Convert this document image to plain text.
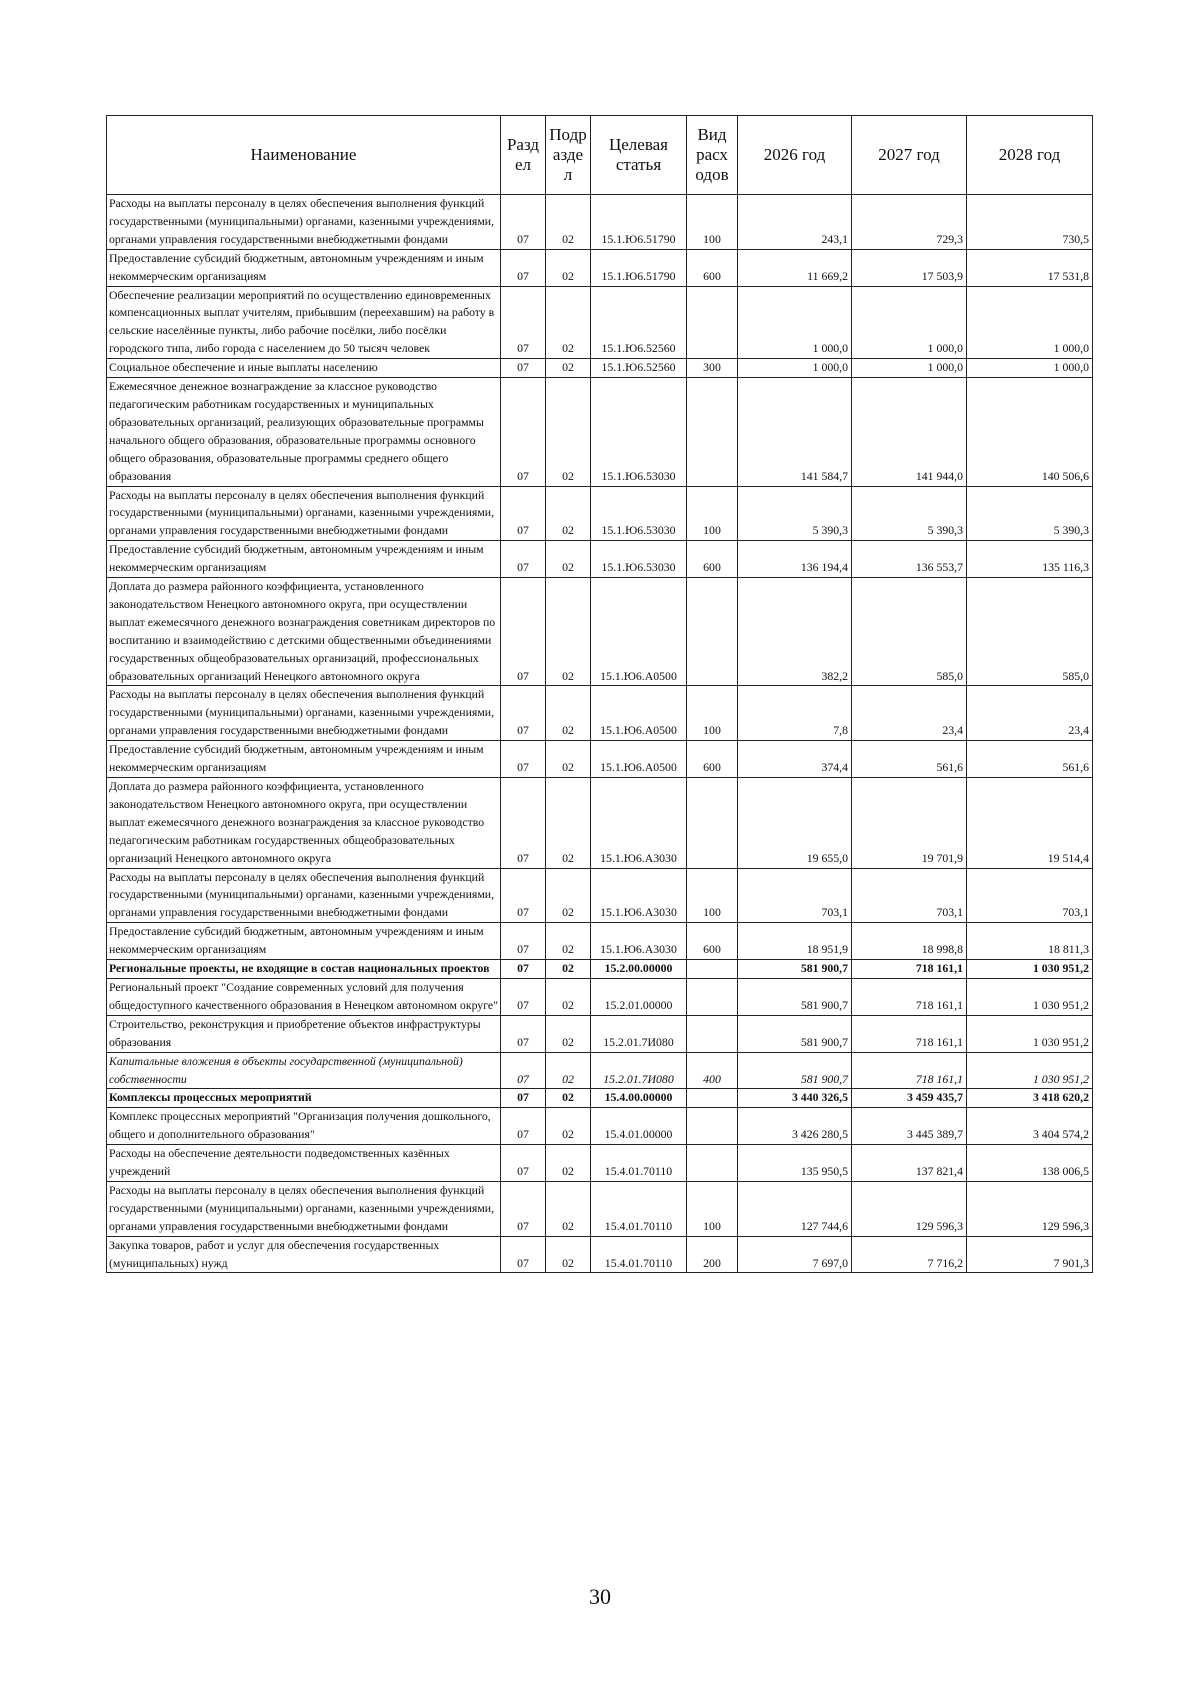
Наименование	Разд ел	Подр азде л	Целевая статья	Вид расх одов	2026 год	2027 год	2028 год
Расходы на выплаты персоналу в целях обеспечения выполнения функций государственными (муниципальными) органами, казенными учреждениями, органами управления государственными внебюджетными фондами	07	02	15.1.Ю6.51790	100	243,1	729,3	730,5
Предоставление субсидий бюджетным, автономным учреждениям и иным некоммерческим организациям	07	02	15.1.Ю6.51790	600	11 669,2	17 503,9	17 531,8
Обеспечение реализации мероприятий по осуществлению единовременных компенсационных выплат учителям, прибывшим (переехавшим) на работу в сельские населённые пункты, либо рабочие посёлки, либо посёлки городского типа, либо города с населением до 50 тысяч человек	07	02	15.1.Ю6.52560		1 000,0	1 000,0	1 000,0
Социальное обеспечение и иные выплаты населению	07	02	15.1.Ю6.52560	300	1 000,0	1 000,0	1 000,0
Ежемесячное денежное вознаграждение за классное руководство педагогическим работникам государственных и муниципальных образовательных организаций, реализующих образовательные программы начального общего образования, образовательные программы основного общего образования, образовательные программы среднего общего образования	07	02	15.1.Ю6.53030		141 584,7	141 944,0	140 506,6
Расходы на выплаты персоналу в целях обеспечения выполнения функций государственными (муниципальными) органами, казенными учреждениями, органами управления государственными внебюджетными фондами	07	02	15.1.Ю6.53030	100	5 390,3	5 390,3	5 390,3
Предоставление субсидий бюджетным, автономным учреждениям и иным некоммерческим организациям	07	02	15.1.Ю6.53030	600	136 194,4	136 553,7	135 116,3
Доплата до размера районного коэффициента, установленного законодательством Ненецкого автономного округа, при осуществлении выплат ежемесячного денежного вознаграждения советникам директоров по воспитанию и взаимодействию с детскими общественными объединениями государственных общеобразовательных организаций, профессиональных образовательных организаций Ненецкого автономного округа	07	02	15.1.Ю6.А0500		382,2	585,0	585,0
Расходы на выплаты персоналу в целях обеспечения выполнения функций государственными (муниципальными) органами, казенными учреждениями, органами управления государственными внебюджетными фондами	07	02	15.1.Ю6.А0500	100	7,8	23,4	23,4
Предоставление субсидий бюджетным, автономным учреждениям и иным некоммерческим организациям	07	02	15.1.Ю6.А0500	600	374,4	561,6	561,6
Доплата до размера районного коэффициента, установленного законодательством Ненецкого автономного округа, при осуществлении выплат ежемесячного денежного вознаграждения за классное руководство педагогическим работникам государственных общеобразовательных организаций Ненецкого автономного округа	07	02	15.1.Ю6.А3030		19 655,0	19 701,9	19 514,4
Расходы на выплаты персоналу в целях обеспечения выполнения функций государственными (муниципальными) органами, казенными учреждениями, органами управления государственными внебюджетными фондами	07	02	15.1.Ю6.А3030	100	703,1	703,1	703,1
Предоставление субсидий бюджетным, автономным учреждениям и иным некоммерческим организациям	07	02	15.1.Ю6.А3030	600	18 951,9	18 998,8	18 811,3
Региональные проекты, не входящие в состав национальных проектов	07	02	15.2.00.00000		581 900,7	718 161,1	1 030 951,2
Региональный проект "Создание современных условий для получения общедоступного качественного образования в Ненецком автономном округе"	07	02	15.2.01.00000		581 900,7	718 161,1	1 030 951,2
Строительство, реконструкция и приобретение объектов инфраструктуры образования	07	02	15.2.01.7И080		581 900,7	718 161,1	1 030 951,2
Капитальные вложения в объекты государственной (муниципальной) собственности	07	02	15.2.01.7И080	400	581 900,7	718 161,1	1 030 951,2
Комплексы процессных мероприятий	07	02	15.4.00.00000		3 440 326,5	3 459 435,7	3 418 620,2
Комплекс процессных мероприятий "Организация получения дошкольного, общего и дополнительного образования"	07	02	15.4.01.00000		3 426 280,5	3 445 389,7	3 404 574,2
Расходы на обеспечение деятельности подведомственных казённых учреждений	07	02	15.4.01.70110		135 950,5	137 821,4	138 006,5
Расходы на выплаты персоналу в целях обеспечения выполнения функций государственными (муниципальными) органами, казенными учреждениями, органами управления государственными внебюджетными фондами	07	02	15.4.01.70110	100	127 744,6	129 596,3	129 596,3
Закупка товаров, работ и услуг для обеспечения государственных (муниципальных) нужд	07	02	15.4.01.70110	200	7 697,0	7 716,2	7 901,3
30
